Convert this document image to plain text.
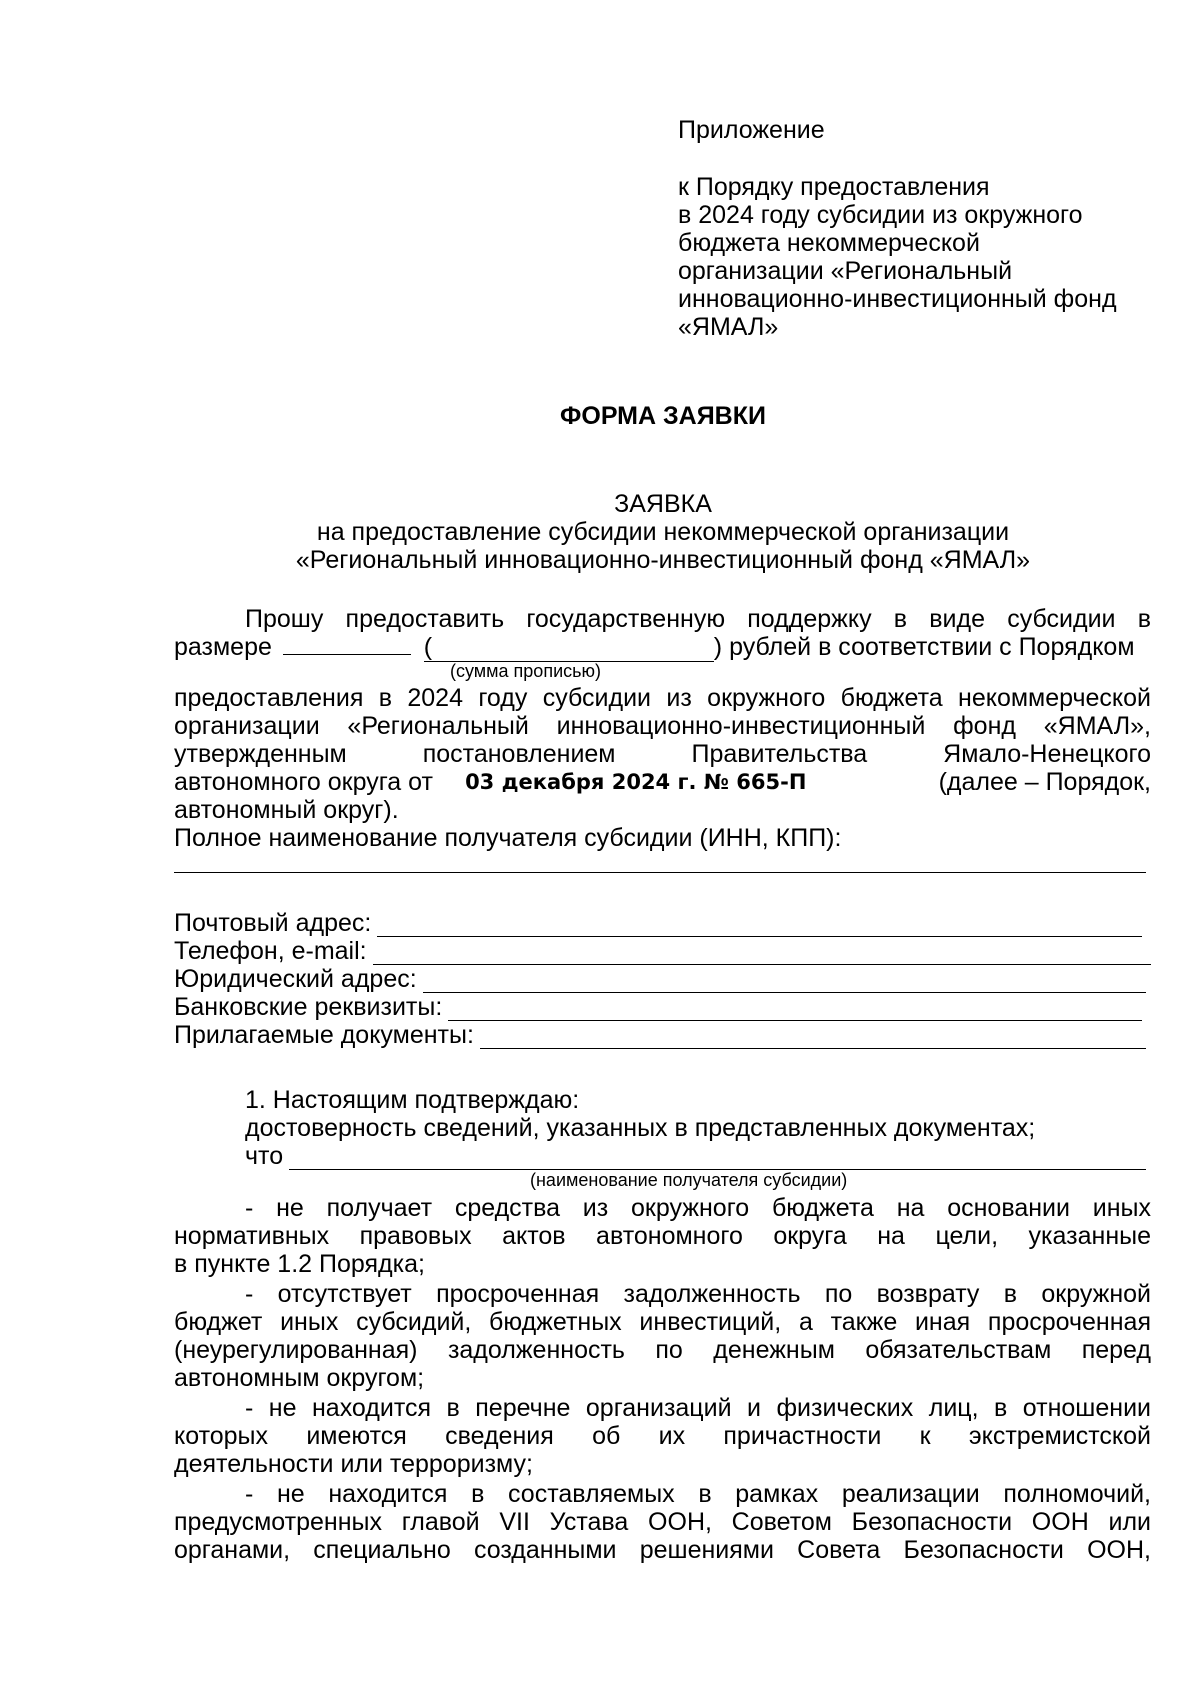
Приложение
к Порядку предоставления
в 2024 году субсидии из окружного
бюджета некоммерческой
организации «Региональный
инновационно-инвестиционный фонд
«ЯМАЛ»
ФОРМА ЗАЯВКИ
ЗАЯВКА
на предоставление субсидии некоммерческой организации
«Региональный инновационно-инвестиционный фонд «ЯМАЛ»
Прошу предоставить государственную поддержку в виде субсидии в
размере	(	) рублей в соответствии с Порядком
(сумма прописью)
предоставления в 2024 году субсидии из окружного бюджета некоммерческой
организации «Региональный инновационно-инвестиционный фонд «ЯМАЛ»,
утвержденным постановлением Правительства Ямало-Ненецкого
автономного округа от 03 декабря 2024 г. № 665-П	(далее – Порядок,
автономный округ).
Полное наименование получателя субсидии (ИНН, КПП):
Почтовый адрес:
Телефон, e-mail:
Юридический адрес:
Банковские реквизиты:
Прилагаемые документы:
1. Настоящим подтверждаю:
достоверность сведений, указанных в представленных документах;
что
(наименование получателя субсидии)
- не получает средства из окружного бюджета на основании иных
нормативных правовых актов автономного округа на цели, указанные
в пункте 1.2 Порядка;
- отсутствует просроченная задолженность по возврату в окружной
бюджет иных субсидий, бюджетных инвестиций, а также иная просроченная
(неурегулированная) задолженность по денежным обязательствам перед
автономным округом;
- не находится в перечне организаций и физических лиц, в отношении
которых имеются сведения об их причастности к экстремистской
деятельности или терроризму;
- не находится в составляемых в рамках реализации полномочий,
предусмотренных главой VII Устава ООН, Советом Безопасности ООН или
органами, специально созданными решениями Совета Безопасности ООН,
